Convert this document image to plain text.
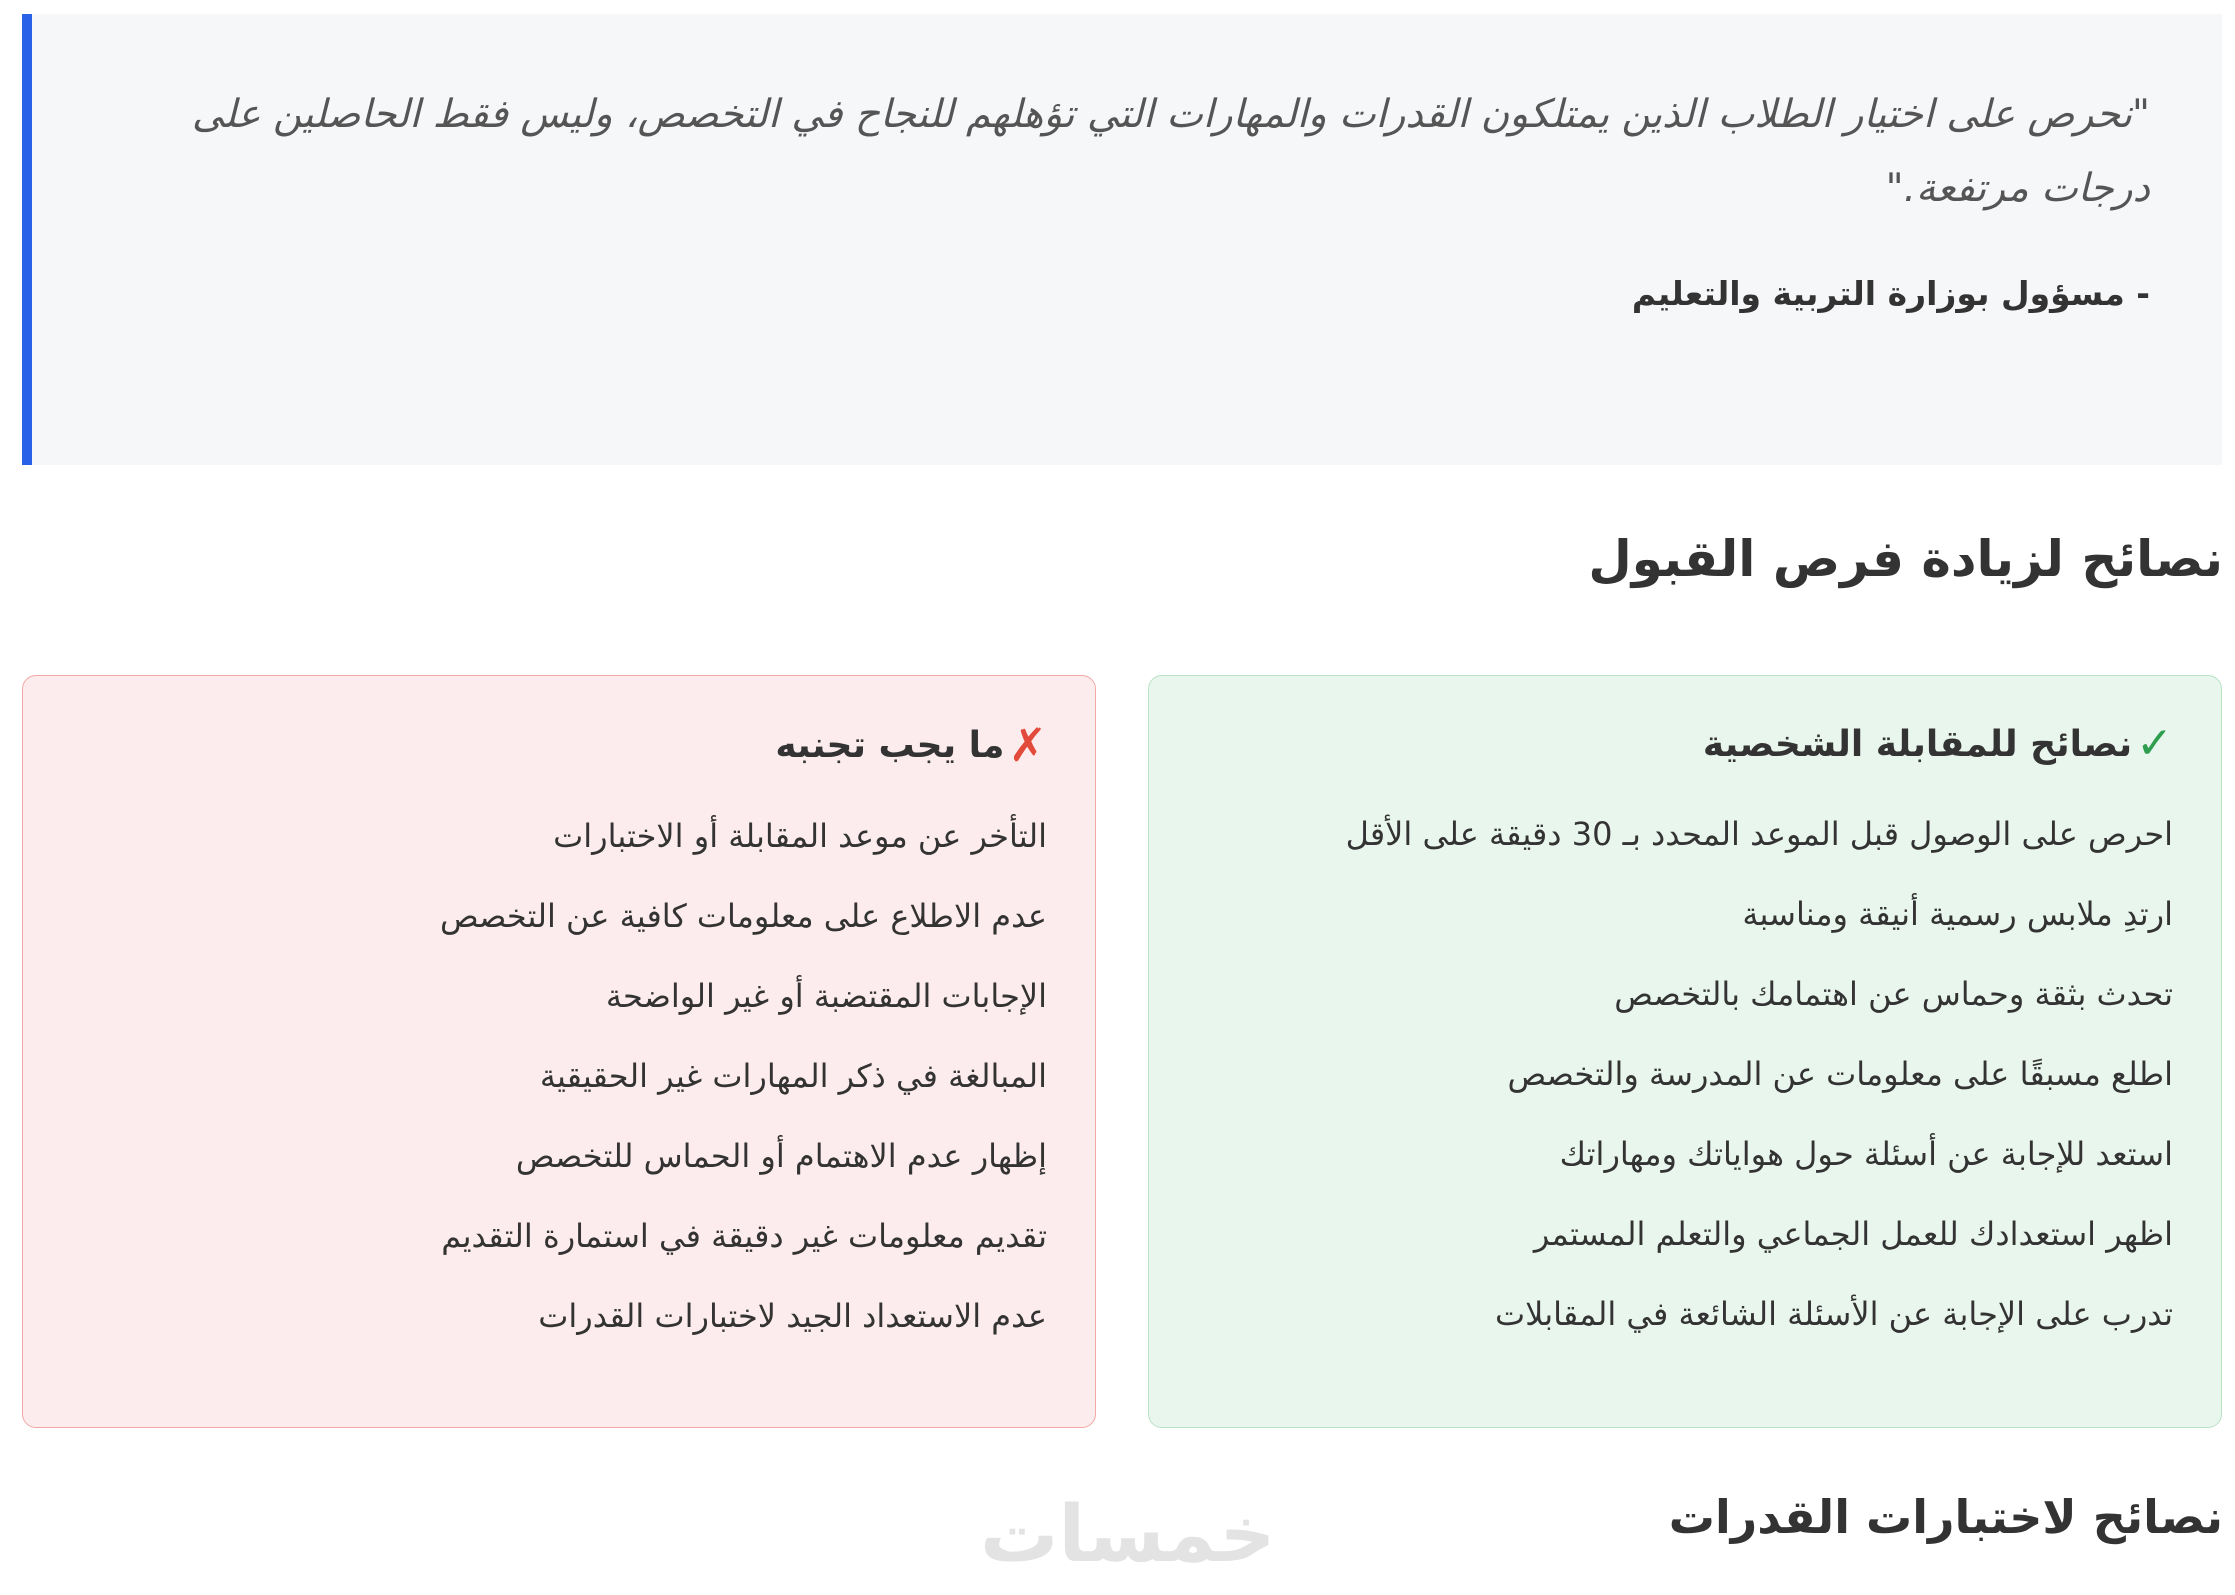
"نحرص على اختيار الطلاب الذين يمتلكون القدرات والمهارات التي تؤهلهم للنجاح في التخصص، وليس فقط الحاصلين على درجات مرتفعة."

- مسؤول بوزارة التربية والتعليم
نصائح لزيادة فرص القبول
✓
نصائح للمقابلة الشخصية
احرص على الوصول قبل الموعد المحدد بـ 30 دقيقة على الأقل
ارتدِ ملابس رسمية أنيقة ومناسبة
تحدث بثقة وحماس عن اهتمامك بالتخصص
اطلع مسبقًا على معلومات عن المدرسة والتخصص
استعد للإجابة عن أسئلة حول هواياتك ومهاراتك
اظهر استعدادك للعمل الجماعي والتعلم المستمر
تدرب على الإجابة عن الأسئلة الشائعة في المقابلات
✗
ما يجب تجنبه
التأخر عن موعد المقابلة أو الاختبارات
عدم الاطلاع على معلومات كافية عن التخصص
الإجابات المقتضبة أو غير الواضحة
المبالغة في ذكر المهارات غير الحقيقية
إظهار عدم الاهتمام أو الحماس للتخصص
تقديم معلومات غير دقيقة في استمارة التقديم
عدم الاستعداد الجيد لاختبارات القدرات
نصائح لاختبارات القدرات
خمسات
